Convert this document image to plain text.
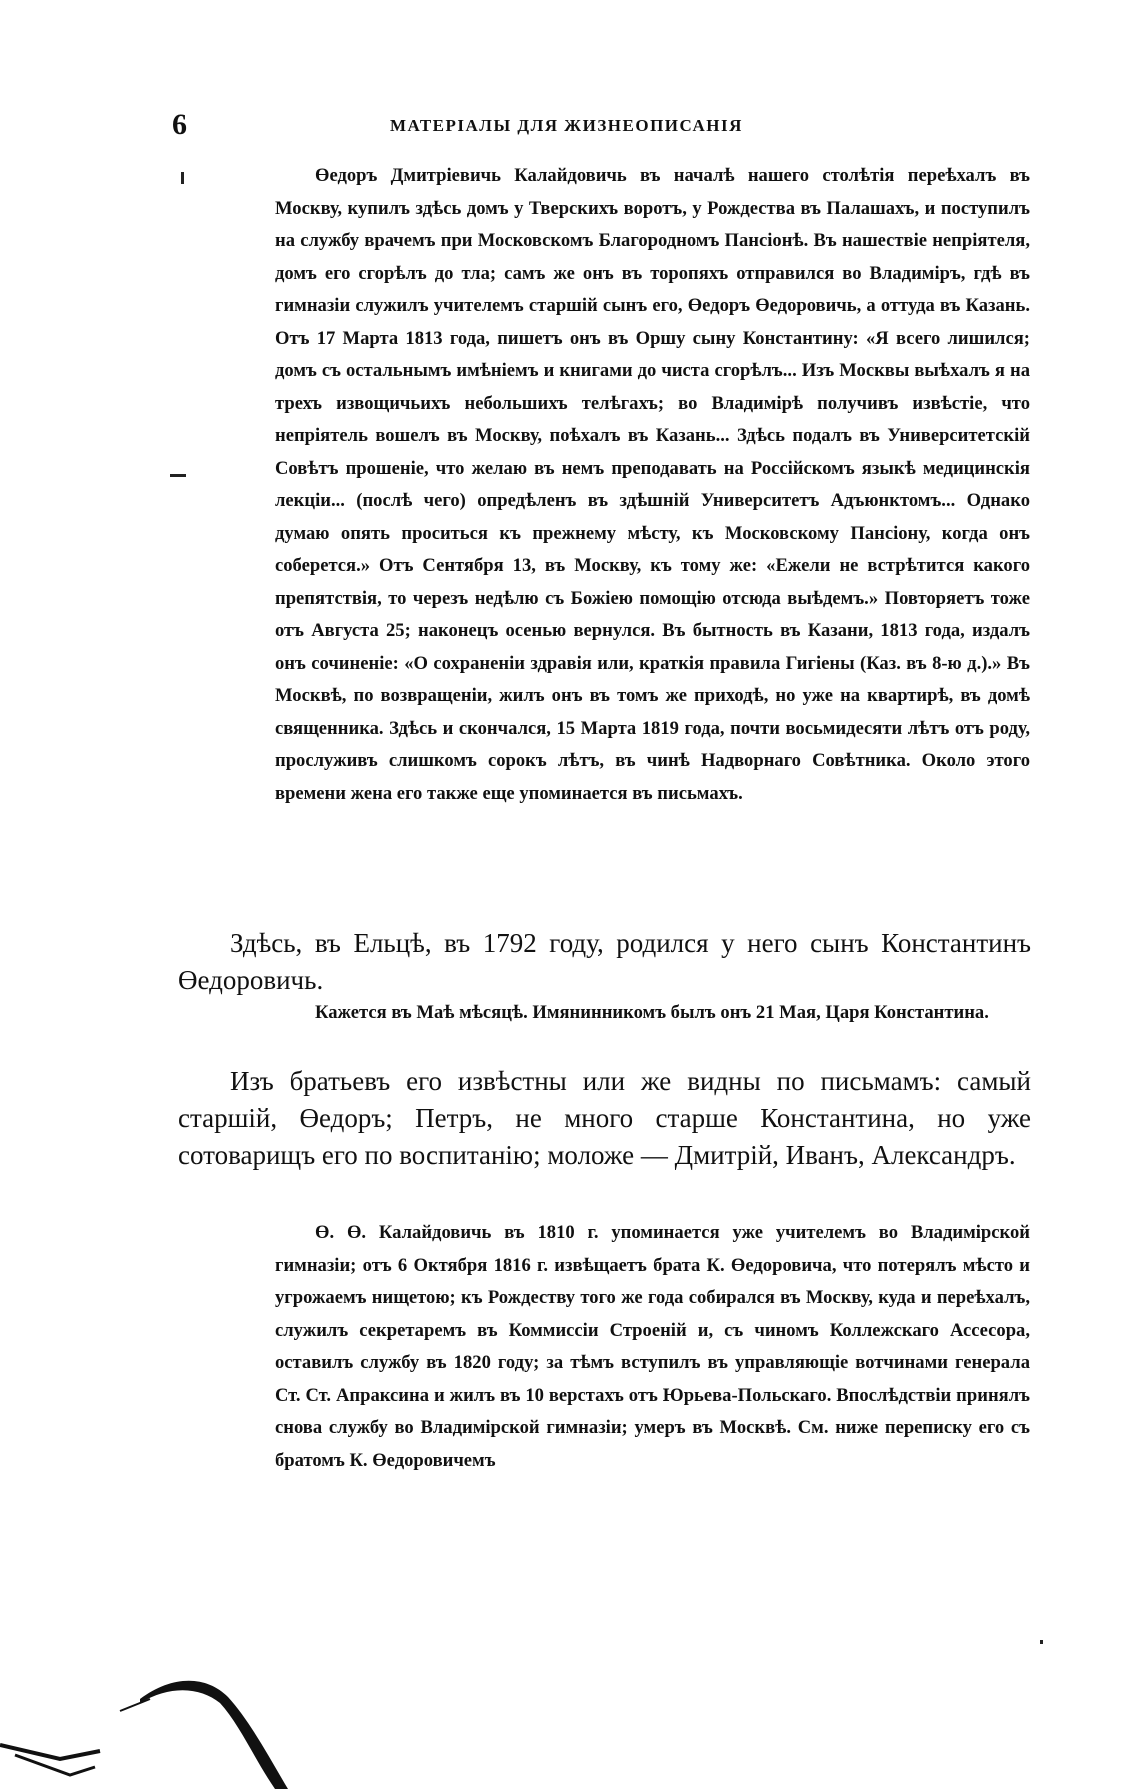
6	МАТЕРІАЛЫ ДЛЯ ЖИЗНЕОПИСАНІЯ

Өедоръ Дмитріевичь Калайдовичь въ началѣ нашего столѣтія переѣхалъ въ Москву, купилъ здѣсь домъ у Тверскихъ воротъ, у Рождества въ Палашахъ, и поступилъ на службу врачемъ при Московскомъ Благородномъ Пансіонѣ. Въ нашествіе непріятеля, домъ его сгорѣлъ до тла; самъ же онъ въ торопяхъ отправился во Владиміръ, гдѣ въ гимназіи служилъ учителемъ старшій сынъ его, Өедоръ Өедоровичь, а оттуда въ Казань. Отъ 17 Марта 1813 года, пишетъ онъ въ Оршу сыну Константину: «Я всего лишился; домъ съ остальнымъ имѣніемъ и книгами до чиста сгорѣлъ... Изъ Москвы выѣхалъ я на трехъ извощичьихъ небольшихъ телѣгахъ; во Владимірѣ получивъ извѣстіе, что непріятель вошелъ въ Москву, поѣхалъ въ Казань... Здѣсь подалъ въ Университетскій Совѣтъ прошеніе, что желаю въ немъ преподавать на Россійскомъ языкѣ медицинскія лекціи... (послѣ чего) опредѣленъ въ здѣшній Университетъ Адъюнктомъ... Однако думаю опять проситься къ прежнему мѣсту, къ Московскому Пансіону, когда онъ соберется.» Отъ Сентября 13, въ Москву, къ тому же: «Ежели не встрѣтится какого препятствія, то черезъ недѣлю съ Божіею помощію отсюда выѣдемъ.» Повторяетъ тоже отъ Августа 25; наконецъ осенью вернулся. Въ бытность въ Казани, 1813 года, издалъ онъ сочиненіе: «О сохраненіи здравія или, краткія правила Гигіены (Каз. въ 8-ю д.).» Въ Москвѣ, по возвращеніи, жилъ онъ въ томъ же приходѣ, но уже на квартирѣ, въ домѣ священника. Здѣсь и скончался, 15 Марта 1819 года, почти восьмидесяти лѣтъ отъ роду, прослуживъ слишкомъ сорокъ лѣтъ, въ чинѣ Надворнаго Совѣтника. Около этого времени жена его также еще упоминается въ письмахъ.

Здѣсь, въ Ельцѣ, въ 1792 году, родился у него сынъ Константинъ Өедоровичь.

Кажется въ Маѣ мѣсяцѣ. Имянинникомъ былъ онъ 21 Мая, Царя Константина.

Изъ братьевъ его извѣстны или же видны по письмамъ: самый старшій, Өедоръ; Петръ, не много старше Константина, но уже сотоварищъ его по воспитанію; моложе — Дмитрій, Иванъ, Александръ.

Ө. Ө. Калайдовичь въ 1810 г. упоминается уже учителемъ во Владимірской гимназіи; отъ 6 Октября 1816 г. извѣщаетъ брата К. Өедоровича, что потерялъ мѣсто и угрожаемъ нищетою; къ Рождеству того же года собирался въ Москву, куда и переѣхалъ, служилъ секретаремъ въ Коммиссіи Строеній и, съ чиномъ Коллежскаго Ассесора, оставилъ службу въ 1820 году; за тѣмъ вступилъ въ управляющіе вотчинами генерала Ст. Ст. Апраксина и жилъ въ 10 верстахъ отъ Юрьева-Польскаго. Впослѣдствіи принялъ снова службу во Владимірской гимназіи; умеръ въ Москвѣ. См. ниже переписку его съ братомъ К. Өедоровичемъ
